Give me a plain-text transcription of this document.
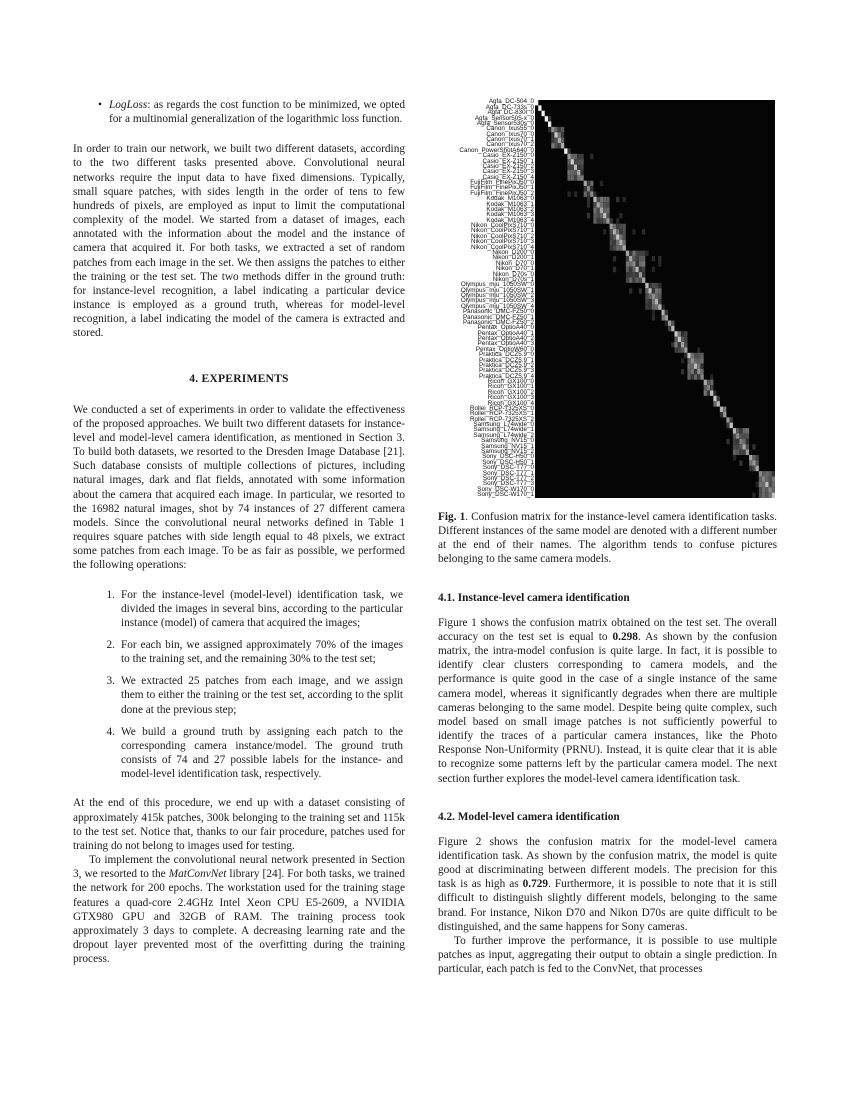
• LogLoss: as regards the cost function to be minimized, we opted for a multinomial generalization of the logarithmic loss function.

In order to train our network, we built two different datasets, according to the two different tasks presented above. Convolutional neural networks require the input data to have fixed dimensions. Typically, small square patches, with sides length in the order of tens to few hundreds of pixels, are employed as input to limit the computational complexity of the model. We started from a dataset of images, each annotated with the information about the model and the instance of camera that acquired it. For both tasks, we extracted a set of random patches from each image in the set. We then assigns the patches to either the training or the test set. The two methods differ in the ground truth: for instance-level recognition, a label indicating a particular device instance is employed as a ground truth, whereas for model-level recognition, a label indicating the model of the camera is extracted and stored.

4. EXPERIMENTS

We conducted a set of experiments in order to validate the effectiveness of the proposed approaches. We built two different datasets for instance-level and model-level camera identification, as mentioned in Section 3. To build both datasets, we resorted to the Dresden Image Database [21]. Such database consists of multiple collections of pictures, including natural images, dark and flat fields, annotated with some information about the camera that acquired each image. In particular, we resorted to the 16982 natural images, shot by 74 instances of 27 different camera models. Since the convolutional neural networks defined in Table 1 requires square patches with side length equal to 48 pixels, we extract some patches from each image. To be as fair as possible, we performed the following operations:

1. For the instance-level (model-level) identification task, we divided the images in several bins, according to the particular instance (model) of camera that acquired the images;
2. For each bin, we assigned approximately 70% of the images to the training set, and the remaining 30% to the test set;
3. We extracted 25 patches from each image, and we assign them to either the training or the test set, according to the split done at the previous step;
4. We build a ground truth by assigning each patch to the corresponding camera instance/model. The ground truth consists of 74 and 27 possible labels for the instance- and model-level identification task, respectively.

At the end of this procedure, we end up with a dataset consisting of approximately 415k patches, 300k belonging to the training set and 115k to the test set. Notice that, thanks to our fair procedure, patches used for training do not belong to images used for testing.

To implement the convolutional neural network presented in Section 3, we resorted to the MatConvNet library [24]. For both tasks, we trained the network for 200 epochs. The workstation used for the training stage features a quad-core 2.4GHz Intel Xeon CPU E5-2609, a NVIDIA GTX980 GPU and 32GB of RAM. The training process took approximately 3 days to complete. A decreasing learning rate and the dropout layer prevented most of the overfitting during the training process.

Agfa_DC-504_0
Agfa_DC-733s_0
Agfa_DC-830i_0
Agfa_Sensor505-x_0
Agfa_Sensor530s_0
Canon_Ixus55_0
Canon_Ixus70_0
Canon_Ixus70_1
Canon_Ixus70_2
Canon_PowerShotA640_0
Casio_EX-Z150_0
Casio_EX-Z150_1
Casio_EX-Z150_2
Casio_EX-Z150_3
Casio_EX-Z150_4
FujiFilm_FinePixJ50_0
FujiFilm_FinePixJ50_1
FujiFilm_FinePixJ50_2
Kodak_M1063_0
Kodak_M1063_1
Kodak_M1063_2
Kodak_M1063_3
Kodak_M1063_4
Nikon_CoolPixS710_0
Nikon_CoolPixS710_1
Nikon_CoolPixS710_2
Nikon_CoolPixS710_3
Nikon_CoolPixS710_4
Nikon_D200_0
Nikon_D200_1
Nikon_D70_0
Nikon_D70_1
Nikon_D70s_0
Nikon_D70s_1
Olympus_mju_1050SW_0
Olympus_mju_1050SW_1
Olympus_mju_1050SW_2
Olympus_mju_1050SW_3
Olympus_mju_1050SW_4
Panasonic_DMC-FZ50_0
Panasonic_DMC-FZ50_1
Panasonic_DMC-FZ50_2
Pentax_OptioA40_0
Pentax_OptioA40_1
Pentax_OptioA40_2
Pentax_OptioA40_3
Pentax_OptioW60_0
Praktica_DCZ5.9_0
Praktica_DCZ5.9_1
Praktica_DCZ5.9_2
Praktica_DCZ5.9_3
Praktica_DCZ5.9_4
Ricoh_GX100_0
Ricoh_GX100_1
Ricoh_GX100_2
Ricoh_GX100_3
Ricoh_GX100_4
Rollei_RCP-7325XS_0
Rollei_RCP-7325XS_1
Rollei_RCP-7325XS_2
Samsung_L74wide_0
Samsung_L74wide_1
Samsung_L74wide_2
Samsung_NV15_0
Samsung_NV15_1
Samsung_NV15_2
Sony_DSC-H50_0
Sony_DSC-H50_1
Sony_DSC-T77_0
Sony_DSC-T77_1
Sony_DSC-T77_2
Sony_DSC-T77_3
Sony_DSC-W170_0
Sony_DSC-W170_1

Fig. 1. Confusion matrix for the instance-level camera identification tasks. Different instances of the same model are denoted with a different number at the end of their names. The algorithm tends to confuse pictures belonging to the same camera models.

4.1. Instance-level camera identification

Figure 1 shows the confusion matrix obtained on the test set. The overall accuracy on the test set is equal to 0.298. As shown by the confusion matrix, the intra-model confusion is quite large. In fact, it is possible to identify clear clusters corresponding to camera models, and the performance is quite good in the case of a single instance of the same camera model, whereas it significantly degrades when there are multiple cameras belonging to the same model. Despite being quite complex, such model based on small image patches is not sufficiently powerful to identify the traces of a particular camera instances, like the Photo Response Non-Uniformity (PRNU). Instead, it is quite clear that it is able to recognize some patterns left by the particular camera model. The next section further explores the model-level camera identification task.

4.2. Model-level camera identification

Figure 2 shows the confusion matrix for the model-level camera identification task. As shown by the confusion matrix, the model is quite good at discriminating between different models. The precision for this task is as high as 0.729. Furthermore, it is possible to note that it is still difficult to distinguish slightly different models, belonging to the same brand. For instance, Nikon D70 and Nikon D70s are quite difficult to be distinguished, and the same happens for Sony cameras.

To further improve the performance, it is possible to use multiple patches as input, aggregating their output to obtain a single prediction. In particular, each patch is fed to the ConvNet, that processes
